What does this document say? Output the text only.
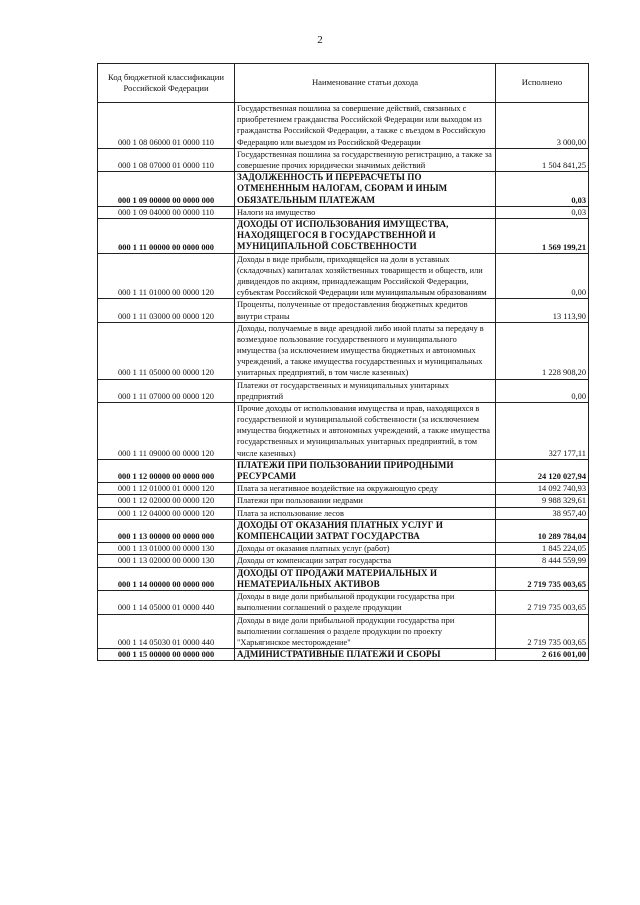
2
Код бюджетной классификации Российской Федерации	Наименование статьи дохода	Исполнено
000 1 08 06000 01 0000 110	Государственная пошлина за совершение действий, связанных с приобретением гражданства Российской Федерации или выходом из гражданства Российской Федерации, а также с въездом в Российскую Федерацию или выездом из Российской Федерации	3 000,00
000 1 08 07000 01 0000 110	Государственная пошлина за государственную регистрацию, а также за совершение прочих юридически значимых действий	1 504 841,25
000 1 09 00000 00 0000 000	ЗАДОЛЖЕННОСТЬ И ПЕРЕРАСЧЕТЫ ПО ОТМЕНЕННЫМ НАЛОГАМ, СБОРАМ И ИНЫМ ОБЯЗАТЕЛЬНЫМ ПЛАТЕЖАМ	0,03
000 1 09 04000 00 0000 110	Налоги на имущество	0,03
000 1 11 00000 00 0000 000	ДОХОДЫ ОТ ИСПОЛЬЗОВАНИЯ ИМУЩЕСТВА, НАХОДЯЩЕГОСЯ В ГОСУДАРСТВЕННОЙ И МУНИЦИПАЛЬНОЙ СОБСТВЕННОСТИ	1 569 199,21
000 1 11 01000 00 0000 120	Доходы в виде прибыли, приходящейся на доли в уставных (складочных) капиталах хозяйственных товариществ и обществ, или дивидендов по акциям, принадлежащим Российской Федерации, субъектам Российской Федерации или муниципальным образованиям	0,00
000 1 11 03000 00 0000 120	Проценты, полученные от предоставления бюджетных кредитов внутри страны	13 113,90
000 1 11 05000 00 0000 120	Доходы, получаемые в виде арендной либо иной платы за передачу в возмездное пользование государственного и муниципального имущества (за исключением имущества бюджетных и автономных учреждений, а также имущества государственных и муниципальных унитарных предприятий, в том числе казенных)	1 228 908,20
000 1 11 07000 00 0000 120	Платежи от государственных и муниципальных унитарных предприятий	0,00
000 1 11 09000 00 0000 120	Прочие доходы от использования имущества и прав, находящихся в государственной и муниципальной собственности (за исключением имущества бюджетных и автономных учреждений, а также имущества государственных и муниципальных унитарных предприятий, в том числе казенных)	327 177,11
000 1 12 00000 00 0000 000	ПЛАТЕЖИ ПРИ ПОЛЬЗОВАНИИ ПРИРОДНЫМИ РЕСУРСАМИ	24 120 027,94
000 1 12 01000 01 0000 120	Плата за негативное воздействие на окружающую среду	14 092 740,93
000 1 12 02000 00 0000 120	Платежи при пользовании недрами	9 988 329,61
000 1 12 04000 00 0000 120	Плата за использование лесов	38 957,40
000 1 13 00000 00 0000 000	ДОХОДЫ ОТ ОКАЗАНИЯ ПЛАТНЫХ УСЛУГ И КОМПЕНСАЦИИ ЗАТРАТ ГОСУДАРСТВА	10 289 784,04
000 1 13 01000 00 0000 130	Доходы от оказания платных услуг (работ)	1 845 224,05
000 1 13 02000 00 0000 130	Доходы от компенсации затрат государства	8 444 559,99
000 1 14 00000 00 0000 000	ДОХОДЫ ОТ ПРОДАЖИ МАТЕРИАЛЬНЫХ И НЕМАТЕРИАЛЬНЫХ АКТИВОВ	2 719 735 003,65
000 1 14 05000 01 0000 440	Доходы в виде доли прибыльной продукции государства при выполнении соглашений о разделе продукции	2 719 735 003,65
000 1 14 05030 01 0000 440	Доходы в виде доли прибыльной продукции государства при выполнении соглашения о разделе продукции по проекту "Харьягинское месторождение"	2 719 735 003,65
000 1 15 00000 00 0000 000	АДМИНИСТРАТИВНЫЕ ПЛАТЕЖИ И СБОРЫ	2 616 001,00
